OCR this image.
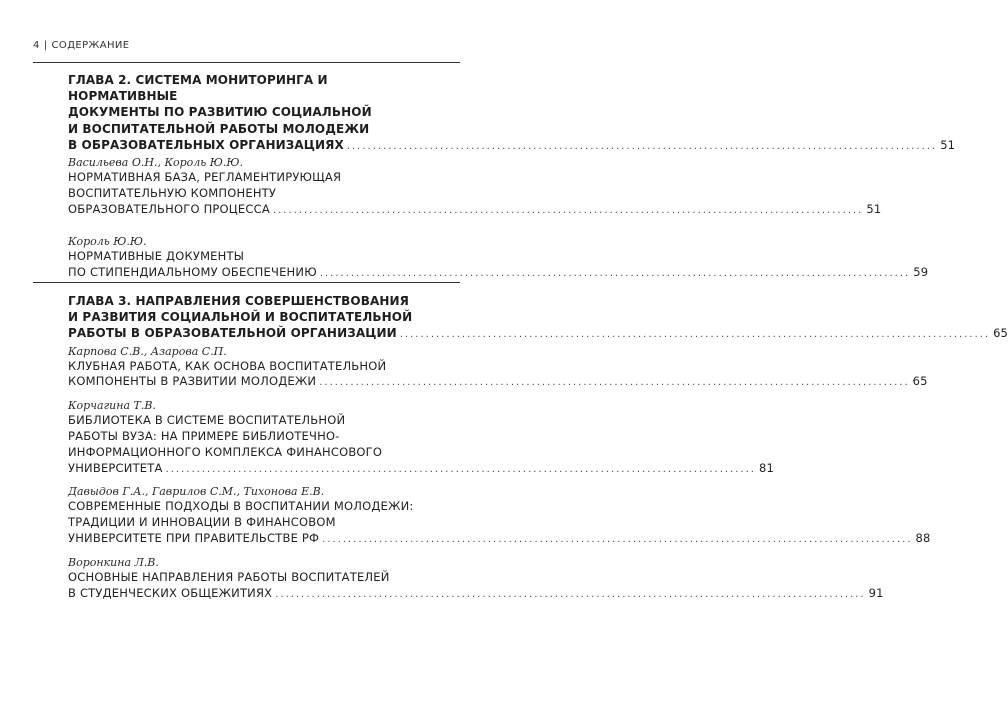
4 | СОДЕРЖАНИЕ
ГЛАВА 2. СИСТЕМА МОНИТОРИНГА И НОРМАТИВНЫЕ
ДОКУМЕНТЫ ПО РАЗВИТИЮ СОЦИАЛЬНОЙ
И ВОСПИТАТЕЛЬНОЙ РАБОТЫ МОЛОДЕЖИ
В ОБРАЗОВАТЕЛЬНЫХ ОРГАНИЗАЦИЯХ .................................................................................................................. 51
Васильева О.Н., Король Ю.Ю.
НОРМАТИВНАЯ БАЗА, РЕГЛАМЕНТИРУЮЩАЯ
ВОСПИТАТЕЛЬНУЮ КОМПОНЕНТУ
ОБРАЗОВАТЕЛЬНОГО ПРОЦЕССА .................................................................................................................. 51
Король Ю.Ю.
НОРМАТИВНЫЕ ДОКУМЕНТЫ
ПО СТИПЕНДИАЛЬНОМУ ОБЕСПЕЧЕНИЮ .................................................................................................................. 59
ГЛАВА 3. НАПРАВЛЕНИЯ СОВЕРШЕНСТВОВАНИЯ
И РАЗВИТИЯ СОЦИАЛЬНОЙ И ВОСПИТАТЕЛЬНОЙ
РАБОТЫ В ОБРАЗОВАТЕЛЬНОЙ ОРГАНИЗАЦИИ .................................................................................................................. 65
Карпова С.В., Азарова С.П.
КЛУБНАЯ РАБОТА, КАК ОСНОВА ВОСПИТАТЕЛЬНОЙ
КОМПОНЕНТЫ В РАЗВИТИИ МОЛОДЕЖИ .................................................................................................................. 65
Корчагина Т.В.
БИБЛИОТЕКА В СИСТЕМЕ ВОСПИТАТЕЛЬНОЙ
РАБОТЫ ВУЗА: НА ПРИМЕРЕ БИБЛИОТЕЧНО-
ИНФОРМАЦИОННОГО КОМПЛЕКСА ФИНАНСОВОГО
УНИВЕРСИТЕТА .................................................................................................................. 81
Давыдов Г.А., Гаврилов С.М., Тихонова Е.В.
СОВРЕМЕННЫЕ ПОДХОДЫ В ВОСПИТАНИИ МОЛОДЕЖИ:
ТРАДИЦИИ И ИННОВАЦИИ В ФИНАНСОВОМ
УНИВЕРСИТЕТЕ ПРИ ПРАВИТЕЛЬСТВЕ РФ .................................................................................................................. 88
Воронкина Л.В.
ОСНОВНЫЕ НАПРАВЛЕНИЯ РАБОТЫ ВОСПИТАТЕЛЕЙ
В СТУДЕНЧЕСКИХ ОБЩЕЖИТИЯХ .................................................................................................................. 91
